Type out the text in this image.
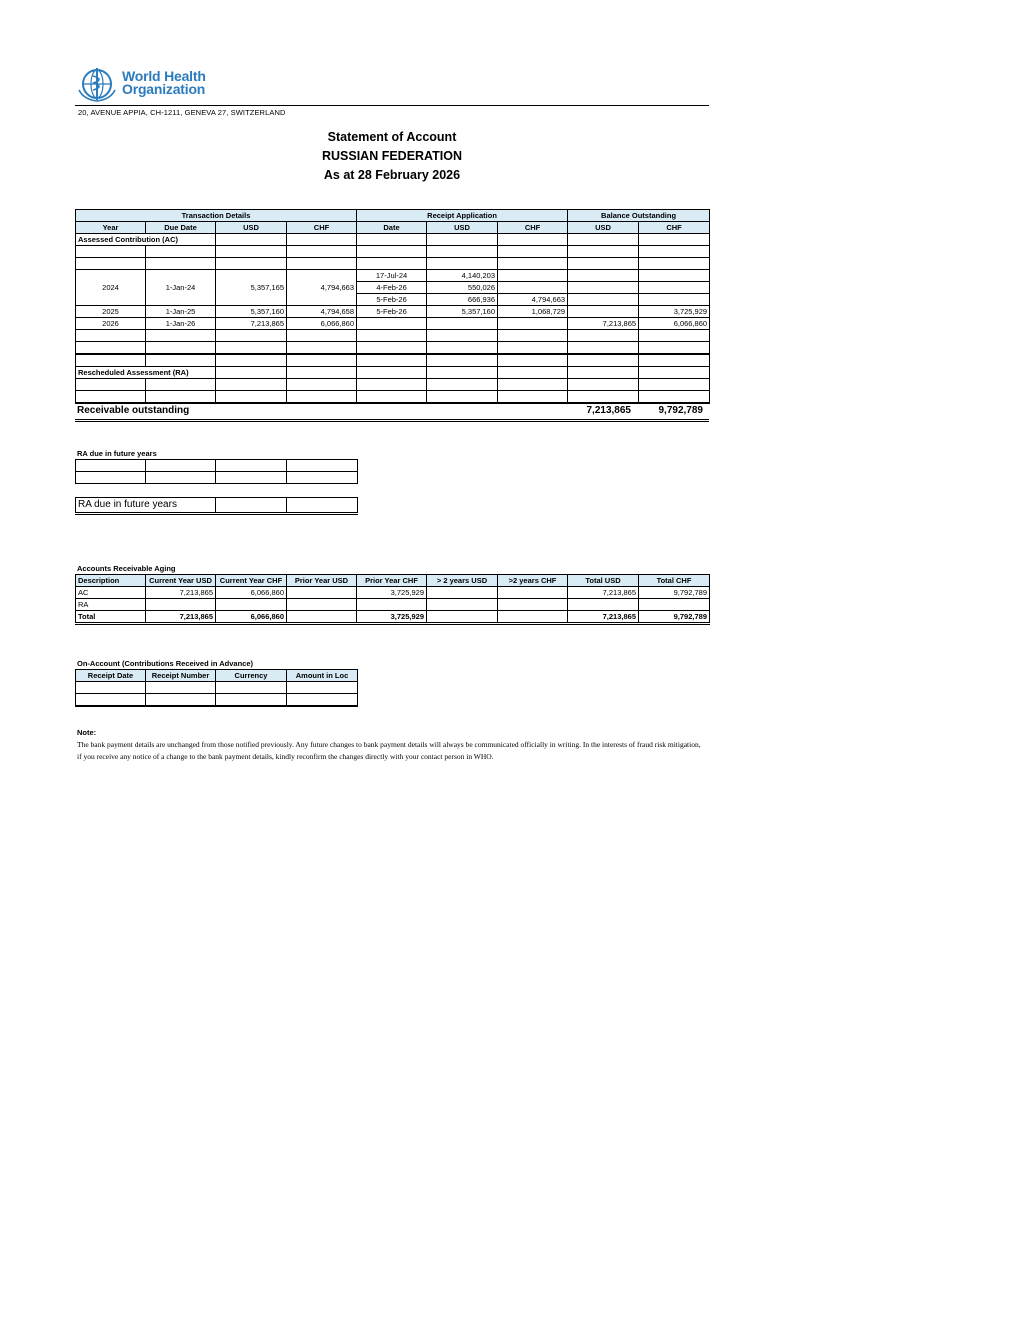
World Health
Organization
20, AVENUE APPIA, CH-1211, GENEVA 27, SWITZERLAND
Statement of Account
RUSSIAN FEDERATION
As at 28 February 2026
Transaction Details				Receipt Application			Balance Outstanding	
Year	Due Date	USD	CHF	Date	USD	CHF	USD	CHF
Assessed Contribution (AC)								

2024	1-Jan-24	5,357,165	4,794,663	17-Jul-24	4,140,203			
				4-Feb-26	550,026			
				5-Feb-26	666,936	4,794,663		
2025	1-Jan-25	5,357,160	4,794,658	5-Feb-26	5,357,160	1,068,729		3,725,929
2026	1-Jan-26	7,213,865	6,066,860				7,213,865	6,066,860

Rescheduled Assessment (RA)								

Receivable outstanding	7,213,865	9,792,789
RA due in future years

RA due in future years		
Accounts Receivable Aging
Description	Current Year USD	Current Year CHF	Prior Year USD	Prior Year CHF	> 2 years USD	>2 years CHF	Total USD	Total CHF
AC	7,213,865	6,066,860		3,725,929			7,213,865	9,792,789
RA								
Total	7,213,865	6,066,860		3,725,929			7,213,865	9,792,789
On-Account (Contributions Received in Advance)
Receipt Date	Receipt Number	Currency	Amount in Loc

Note:
The bank payment details are unchanged from those notified previously. Any future changes to bank payment details will always be communicated officially in writing. In the interests of fraud risk mitigation, if you receive any notice of a change to the bank payment details, kindly reconfirm the changes directly with your contact person in WHO.
